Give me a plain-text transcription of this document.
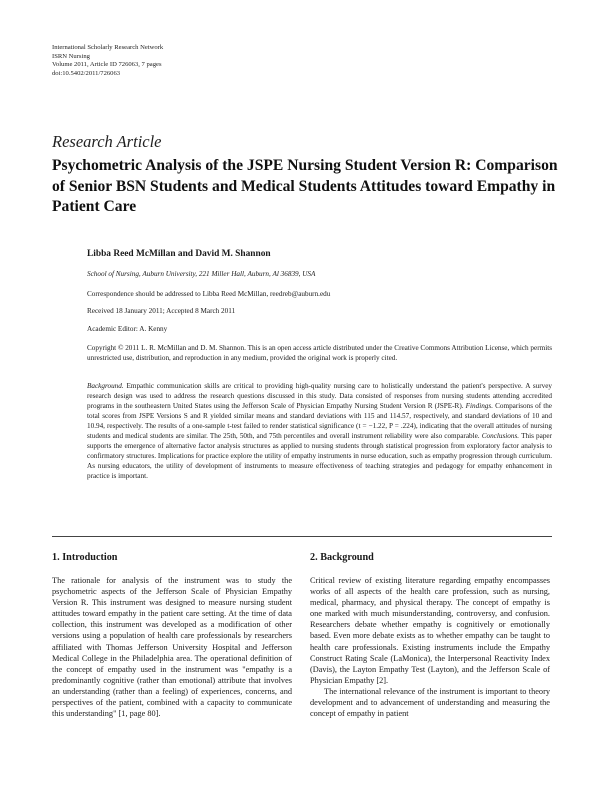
International Scholarly Research Network
ISRN Nursing
Volume 2011, Article ID 726063, 7 pages
doi:10.5402/2011/726063
Research Article
Psychometric Analysis of the JSPE Nursing Student Version R: Comparison of Senior BSN Students and Medical Students Attitudes toward Empathy in Patient Care
Libba Reed McMillan and David M. Shannon
School of Nursing, Auburn University, 221 Miller Hall, Auburn, Al 36839, USA
Correspondence should be addressed to Libba Reed McMillan, reedreb@auburn.edu
Received 18 January 2011; Accepted 8 March 2011
Academic Editor: A. Kenny
Copyright © 2011 L. R. McMillan and D. M. Shannon. This is an open access article distributed under the Creative Commons Attribution License, which permits unrestricted use, distribution, and reproduction in any medium, provided the original work is properly cited.
Background. Empathic communication skills are critical to providing high-quality nursing care to holistically understand the patient's perspective. A survey research design was used to address the research questions discussed in this study. Data consisted of responses from nursing students attending accredited programs in the southeastern United States using the Jefferson Scale of Physician Empathy Nursing Student Version R (JSPE-R). Findings. Comparisons of the total scores from JSPE Versions S and R yielded similar means and standard deviations with 115 and 114.57, respectively, and standard deviations of 10 and 10.94, respectively. The results of a one-sample t-test failed to render statistical significance (t = −1.22, P = .224), indicating that the overall attitudes of nursing students and medical students are similar. The 25th, 50th, and 75th percentiles and overall instrument reliability were also comparable. Conclusions. This paper supports the emergence of alternative factor analysis structures as applied to nursing students through statistical progression from exploratory factor analysis to confirmatory structures. Implications for practice explore the utility of empathy instruments in nurse education, such as empathy progression through curriculum. As nursing educators, the utility of development of instruments to measure effectiveness of teaching strategies and pedagogy for empathy enhancement in practice is important.
1. Introduction

The rationale for analysis of the instrument was to study the psychometric aspects of the Jefferson Scale of Physician Empathy Version R. This instrument was designed to measure nursing student attitudes toward empathy in the patient care setting. At the time of data collection, this instrument was developed as a modification of other versions using a population of health care professionals by researchers affiliated with Thomas Jefferson University Hospital and Jefferson Medical College in the Philadelphia area. The operational definition of the concept of empathy used in the instrument was "empathy is a predominantly cognitive (rather than emotional) attribute that involves an understanding (rather than a feeling) of experiences, concerns, and perspectives of the patient, combined with a capacity to communicate this understanding" [1, page 80].

2. Background

Critical review of existing literature regarding empathy encompasses works of all aspects of the health care profession, such as nursing, medical, pharmacy, and physical therapy. The concept of empathy is one marked with much misunderstanding, controversy, and confusion. Researchers debate whether empathy is cognitively or emotionally based. Even more debate exists as to whether empathy can be taught to health care professionals. Existing instruments include the Empathy Construct Rating Scale (LaMonica), the Interpersonal Reactivity Index (Davis), the Layton Empathy Test (Layton), and the Jefferson Scale of Physician Empathy [2].

The international relevance of the instrument is important to theory development and to advancement of understanding and measuring the concept of empathy in patient
